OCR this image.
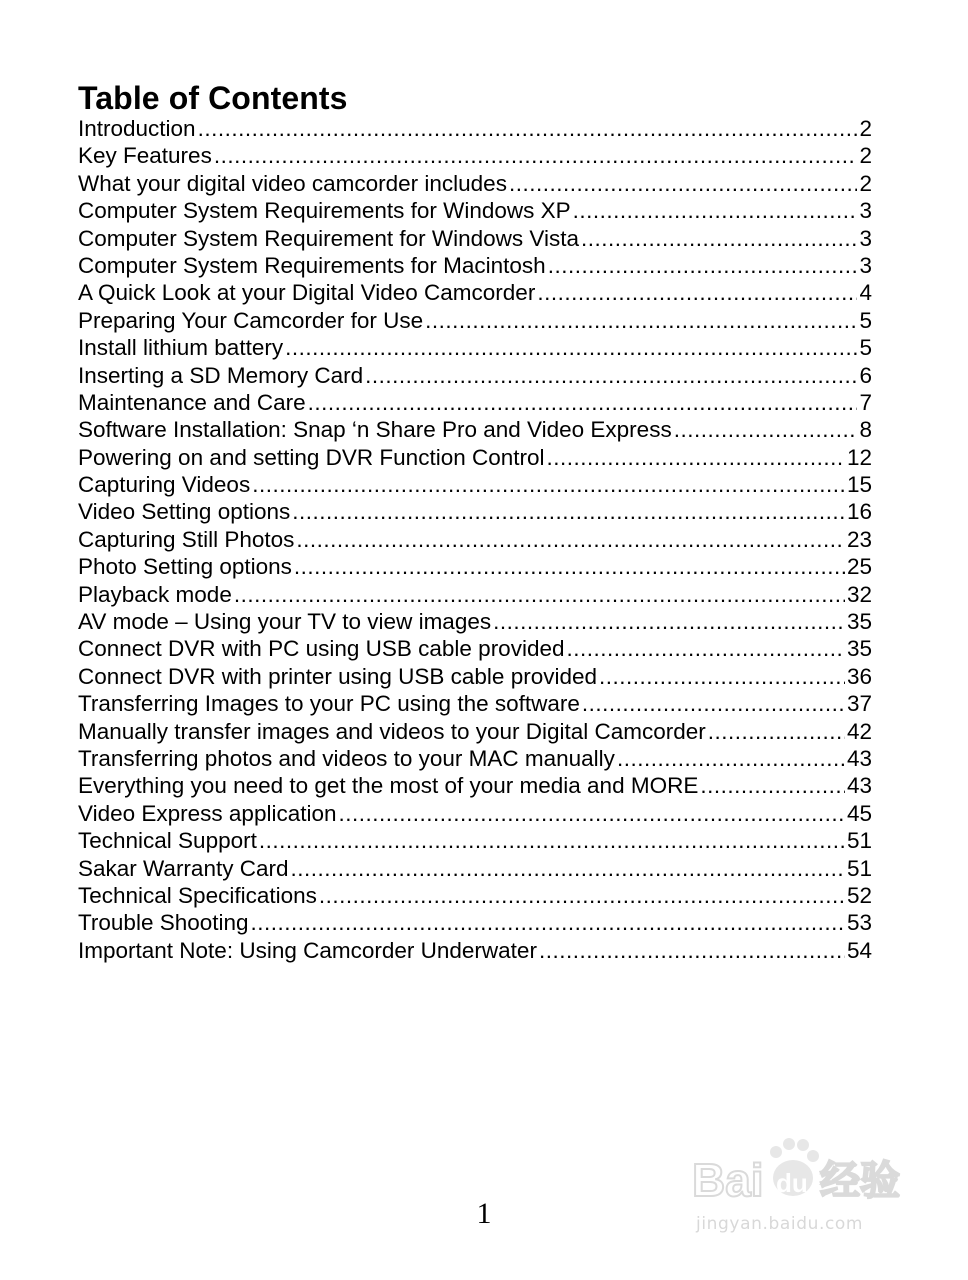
Table of Contents
Introduction .....	2
Key Features .....	2
What your digital video camcorder includes .....	2
Computer System Requirements for Windows XP .....	3
Computer System Requirement for Windows Vista .....	3
Computer System Requirements for Macintosh .....	3
A Quick Look at your Digital Video Camcorder .....	4
Preparing Your Camcorder for Use .....	5
Install lithium battery .....	5
Inserting a SD Memory Card .....	6
Maintenance and Care .....	7
Software Installation: Snap ‘n Share Pro and Video Express .....	8
Powering on and setting DVR Function Control .....	12
Capturing Videos .....	15
Video Setting options .....	16
Capturing Still Photos .....	23
Photo Setting options .....	25
Playback mode .....	32
AV mode – Using your TV to view images .....	35
Connect DVR with PC using USB cable provided .....	35
Connect DVR with printer using USB cable provided .....	36
Transferring Images to your PC using the software .....	37
Manually transfer images and videos to your Digital Camcorder .....	42
Transferring photos and videos to your MAC manually .....	43
Everything you need to get the most of your media and MORE .....	43
Video Express application .....	45
Technical Support .....	51
Sakar Warranty Card .....	51
Technical Specifications .....	52
Trouble Shooting .....	53
Important Note: Using Camcorder Underwater .....	54
1
Bai du 经验
jingyan.baidu.com
